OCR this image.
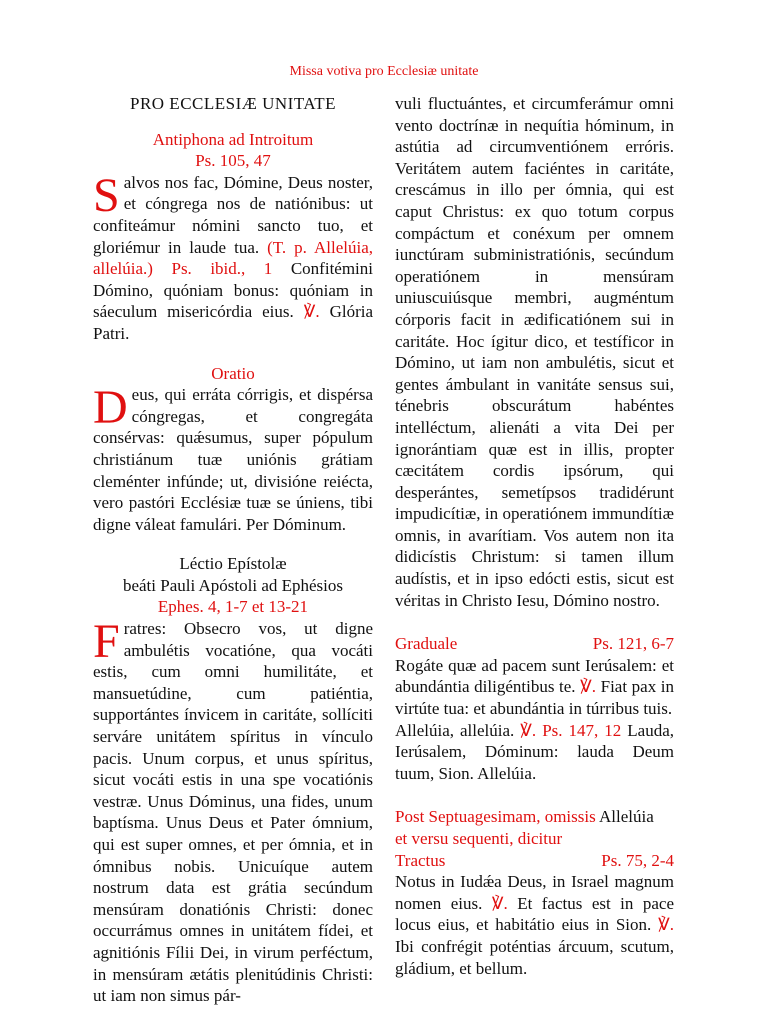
Missa votiva pro Ecclesiæ unitate

PRO ECCLESIÆ UNITATE

Antiphona ad Introitum

Ps. 105, 47

Salvos nos fac, Dómine, Deus noster, et cóngrega nos de natiónibus: ut confiteámur nómini sancto tuo, et gloriémur in laude tua. (T. p. Allelúia, allelúia.) Ps. ibid., 1 Confitémini Dómino, quóniam bonus: quóniam in sáeculum misericórdia eius. ℣. Glória Patri.

Oratio

Deus, qui erráta córrigis, et dispérsa cóngregas, et congregáta consérvas: quǽsumus, super pópulum christiánum tuæ uniónis grátiam cleménter infúnde; ut, divisióne reiécta, vero pastóri Ecclésiæ tuæ se úniens, tibi digne váleat famulári. Per Dóminum.

Léctio Epístolæ

beáti Pauli Apóstoli ad Ephésios

Ephes. 4, 1-7 et 13-21

Fratres: Obsecro vos, ut digne ambulétis vocatióne, qua vocáti estis, cum omni humilitáte, et mansuetúdine, cum patiéntia, supportántes ínvicem in caritáte, sollíciti serváre unitátem spíritus in vínculo pacis. Unum corpus, et unus spíritus, sicut vocáti estis in una spe vocatiónis vestræ. Unus Dóminus, una fides, unum baptísma. Unus Deus et Pater ómnium, qui est super omnes, et per ómnia, et in ómnibus nobis. Unicuíque autem nostrum data est grátia secúndum mensúram donatiónis Christi: donec occurrámus omnes in unitátem fídei, et agnitiónis Fílii Dei, in virum perféctum, in mensúram ætátis plenitúdinis Christi: ut iam non simus pár-

vuli fluctuántes, et circumferámur omni vento doctrínæ in nequítia hóminum, in astútia ad circumventiónem erróris. Veritátem autem faciéntes in caritáte, crescámus in illo per ómnia, qui est caput Christus: ex quo totum corpus compáctum et conéxum per omnem iunctúram subministratiónis, secúndum operatiónem in mensúram uniuscuiúsque membri, augméntum córporis facit in ædificatiónem sui in caritáte. Hoc ígitur dico, et testíficor in Dómino, ut iam non ambulétis, sicut et gentes ámbulant in vanitáte sensus sui, ténebris obscurátum habéntes intelléctum, alienáti a vita Dei per ignorántiam quæ est in illis, propter cæcitátem cordis ipsórum, qui desperántes, semetípsos tradidérunt impudicítiæ, in operatiónem immundítiæ omnis, in avarítiam. Vos autem non ita didicístis Christum: si tamen illum audístis, et in ipso edócti estis, sicut est véritas in Christo Iesu, Dómino nostro.

Graduale	Ps. 121, 6-7

Rogáte quæ ad pacem sunt Ierúsalem: et abundántia diligéntibus te. ℣. Fiat pax in virtúte tua: et abundántia in túrribus tuis.

Allelúia, allelúia. ℣. Ps. 147, 12 Lauda, Ierúsalem, Dóminum: lauda Deum tuum, Sion. Allelúia.

Post Septuagesimam, omissis Allelúia
et versu sequenti, dicitur

Tractus	Ps. 75, 2-4

Notus in Iudǽa Deus, in Israel magnum nomen eius. ℣. Et factus est in pace locus eius, et habitátio eius in Sion. ℣. Ibi confrégit poténtias árcuum, scutum, gládium, et bellum.
